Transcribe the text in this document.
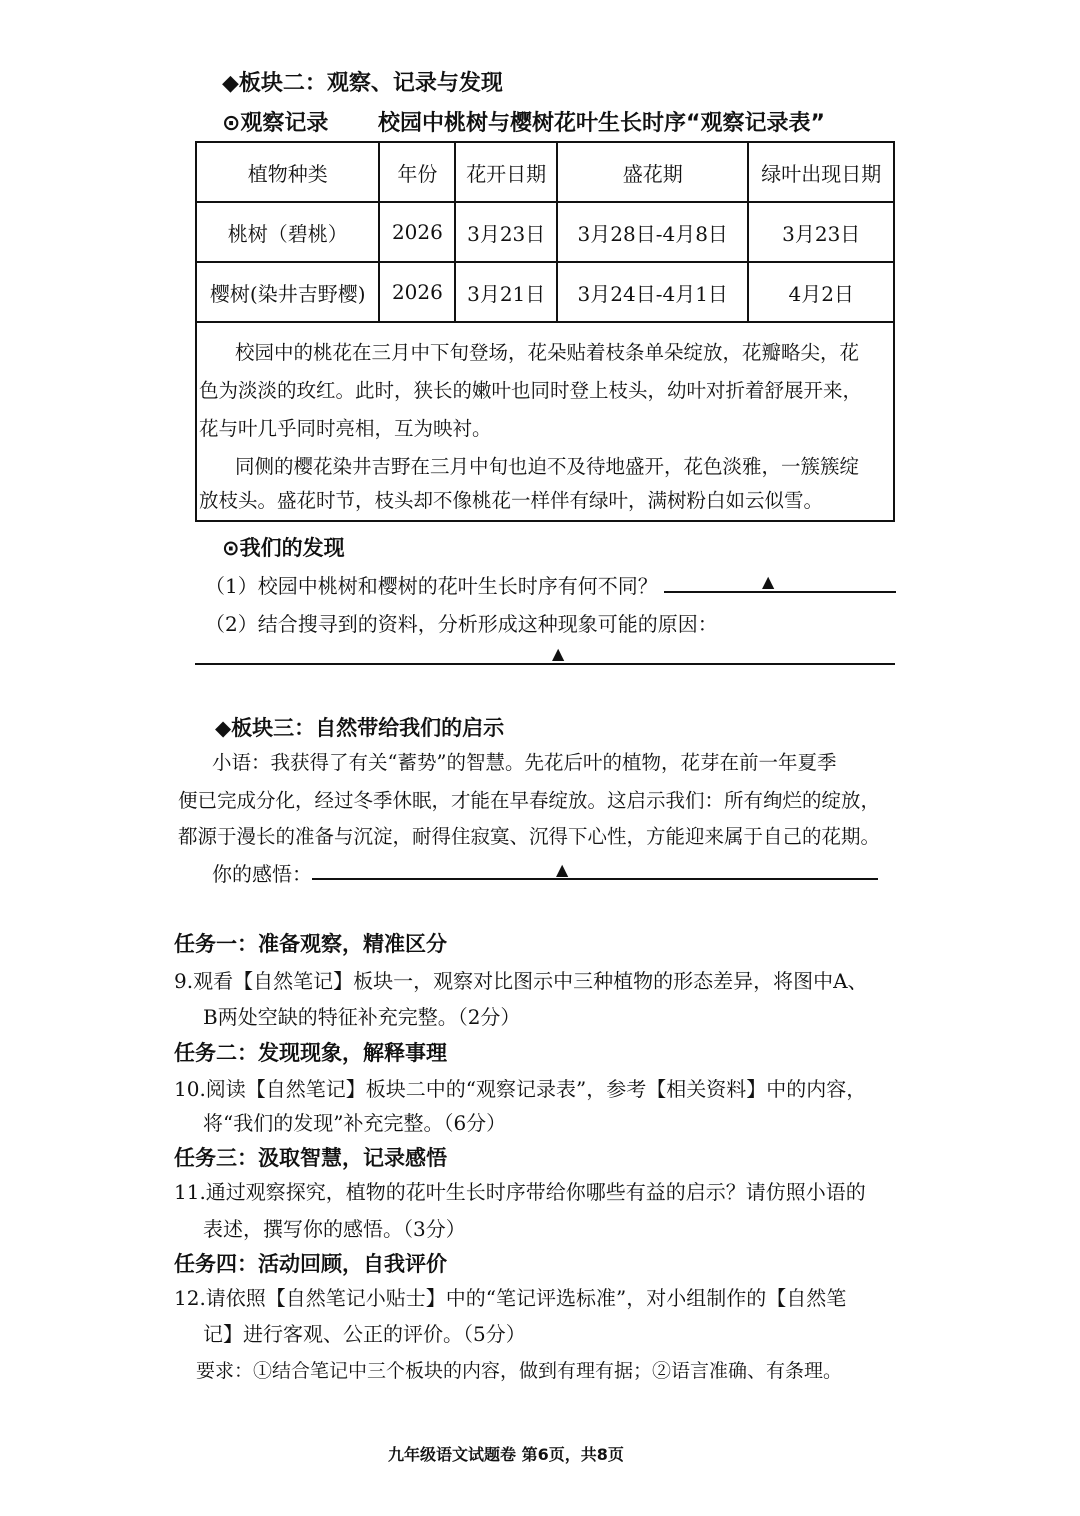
◆板块二：观察、记录与发现
⊙观察记录 校园中桃树与樱树花叶生长时序“观察记录表”
植物种类	年份	花开日期	盛花期	绿叶出现日期
桃树（碧桃）	2026	3月23日	3月28日-4月8日	3月23日
樱树(染井吉野樱)	2026	3月21日	3月24日-4月1日	4月2日
校园中的桃花在三月中下旬登场，花朵贴着枝条单朵绽放，花瓣略尖，花
色为淡淡的玫红。此时，狭长的嫩叶也同时登上枝头，幼叶对折着舒展开来，
花与叶几乎同时亮相，互为映衬。
同侧的樱花染井吉野在三月中旬也迫不及待地盛开，花色淡雅，一簇簇绽
放枝头。盛花时节，枝头却不像桃花一样伴有绿叶，满树粉白如云似雪。
⊙我们的发现
（1）校园中桃树和樱树的花叶生长时序有何不同？	▲
（2）结合搜寻到的资料，分析形成这种现象可能的原因：
▲
◆板块三：自然带给我们的启示
小语：我获得了有关“蓄势”的智慧。先花后叶的植物，花芽在前一年夏季
便已完成分化，经过冬季休眠，才能在早春绽放。这启示我们：所有绚烂的绽放，
都源于漫长的准备与沉淀，耐得住寂寞、沉得下心性，方能迎来属于自己的花期。
你的感悟：	▲
任务一：准备观察，精准区分
9.观看【自然笔记】板块一，观察对比图示中三种植物的形态差异，将图中A、
B两处空缺的特征补充完整。（2分）
任务二：发现现象，解释事理
10.阅读【自然笔记】板块二中的“观察记录表”，参考【相关资料】中的内容，
将“我们的发现”补充完整。（6分）
任务三：汲取智慧，记录感悟
11.通过观察探究，植物的花叶生长时序带给你哪些有益的启示？请仿照小语的
表述，撰写你的感悟。（3分）
任务四：活动回顾，自我评价
12.请依照【自然笔记小贴士】中的“笔记评选标准”，对小组制作的【自然笔
记】进行客观、公正的评价。（5分）
要求：①结合笔记中三个板块的内容，做到有理有据；②语言准确、有条理。
九年级语文试题卷 第6页，共8页
